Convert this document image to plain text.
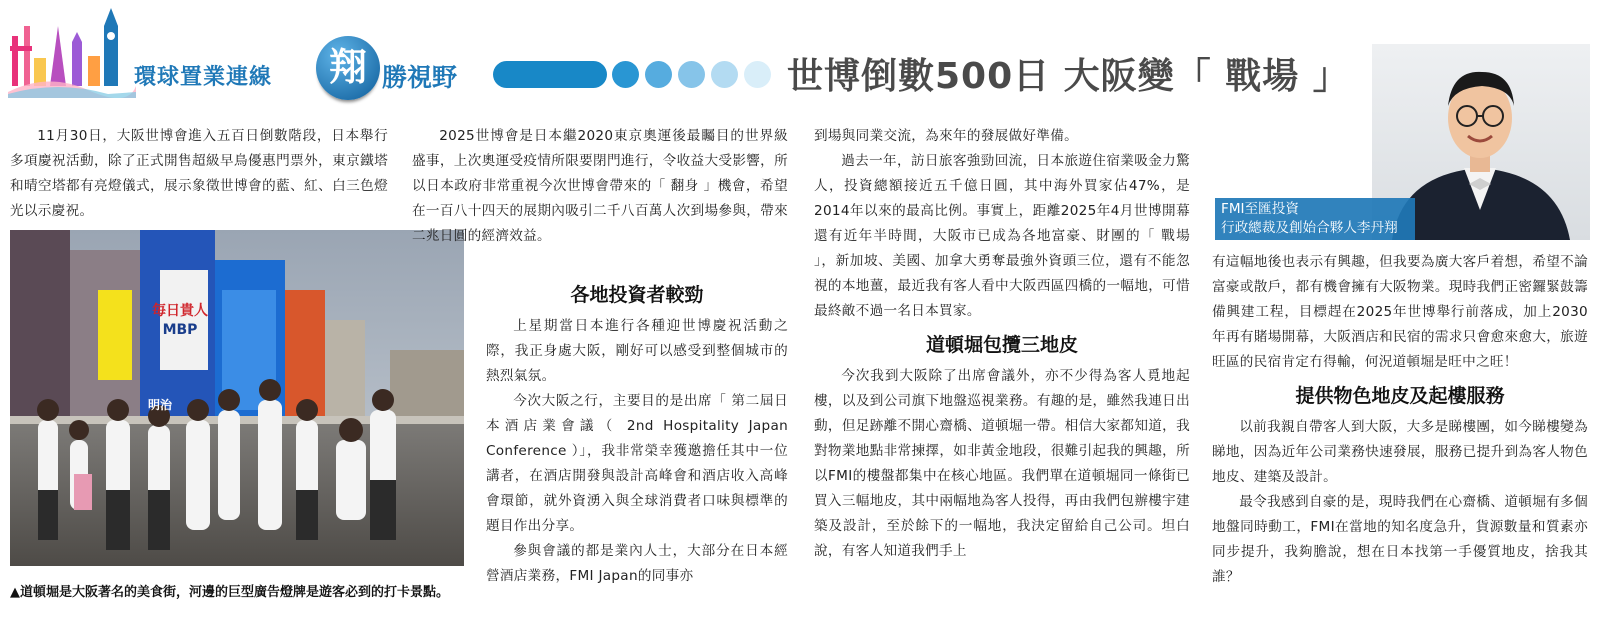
環球置業連線	翔 勝視野	世博倒數500日 大阪變「 戰場 」

11月30日，大阪世博會進入五百日倒數階段，日本舉行多項慶祝活動，除了正式開售超級早鳥優惠門票外，東京鐵塔和晴空塔都有亮燈儀式，展示象徵世博會的藍、紅、白三色燈光以示慶祝。

毎日貴人
MBP
明治
▲道頓堀是大阪著名的美食街，河邊的巨型廣告燈牌是遊客必到的打卡景點。

2025世博會是日本繼2020東京奧運後最矚目的世界級盛事，上次奧運受疫情所限要閉門進行，令收益大受影響，所以日本政府非常重視今次世博會帶來的「 翻身 」機會，希望在一百八十四天的展期內吸引二千八百萬人次到場參與，帶來二兆日圓的經濟效益。

各地投資者較勁

上星期當日本進行各種迎世博慶祝活動之際，我正身處大阪，剛好可以感受到整個城市的熱烈氣氛。

今次大阪之行，主要目的是出席「 第二屆日本酒店業會議（ 2nd Hospitality Japan Conference ）」，我非常榮幸獲邀擔任其中一位講者，在酒店開發與設計高峰會和酒店收入高峰會環節，就外資湧入與全球消費者口味與標準的題目作出分享。

參與會議的都是業內人士，大部分在日本經營酒店業務，FMI Japan的同事亦

到場與同業交流，為來年的發展做好準備。

過去一年，訪日旅客強勁回流，日本旅遊住宿業吸金力驚人，投資總額接近五千億日圓，其中海外買家佔47%，是2014年以來的最高比例。事實上，距離2025年4月世博開幕還有近年半時間，大阪市已成為各地富豪、財團的「 戰場 」，新加坡、美國、加拿大勇奪最強外資頭三位，還有不能忽視的本地薑，最近我有客人看中大阪西區四橋的一幅地，可惜最終敵不過一名日本買家。

道頓堀包攬三地皮

今次我到大阪除了出席會議外，亦不少得為客人覓地起樓，以及到公司旗下地盤巡視業務。有趣的是，雖然我連日出動，但足跡離不開心齋橋、道頓堀一帶。相信大家都知道，我對物業地點非常揀擇，如非黃金地段，很難引起我的興趣，所以FMI的樓盤都集中在核心地區。我們單在道頓堀同一條街已買入三幅地皮，其中兩幅地為客人投得，再由我們包辦樓宇建築及設計，至於餘下的一幅地，我決定留給自己公司。坦白說，有客人知道我們手上

FMI至匯投資
行政總裁及創始合夥人李丹翔

有這幅地後也表示有興趣，但我要為廣大客戶着想，希望不論富豪或散戶，都有機會擁有大阪物業。現時我們正密鑼緊鼓籌備興建工程，目標趕在2025年世博舉行前落成，加上2030年再有賭場開幕，大阪酒店和民宿的需求只會愈來愈大，旅遊旺區的民宿肯定冇得輸，何況道頓堀是旺中之旺！

提供物色地皮及起樓服務

以前我親自帶客人到大阪，大多是睇樓團，如今睇樓變為睇地，因為近年公司業務快速發展，服務已提升到為客人物色地皮、建築及設計。

最令我感到自豪的是，現時我們在心齋橋、道頓堀有多個地盤同時動工，FMI在當地的知名度急升，貨源數量和質素亦同步提升，我夠膽說，想在日本找第一手優質地皮，捨我其誰？
